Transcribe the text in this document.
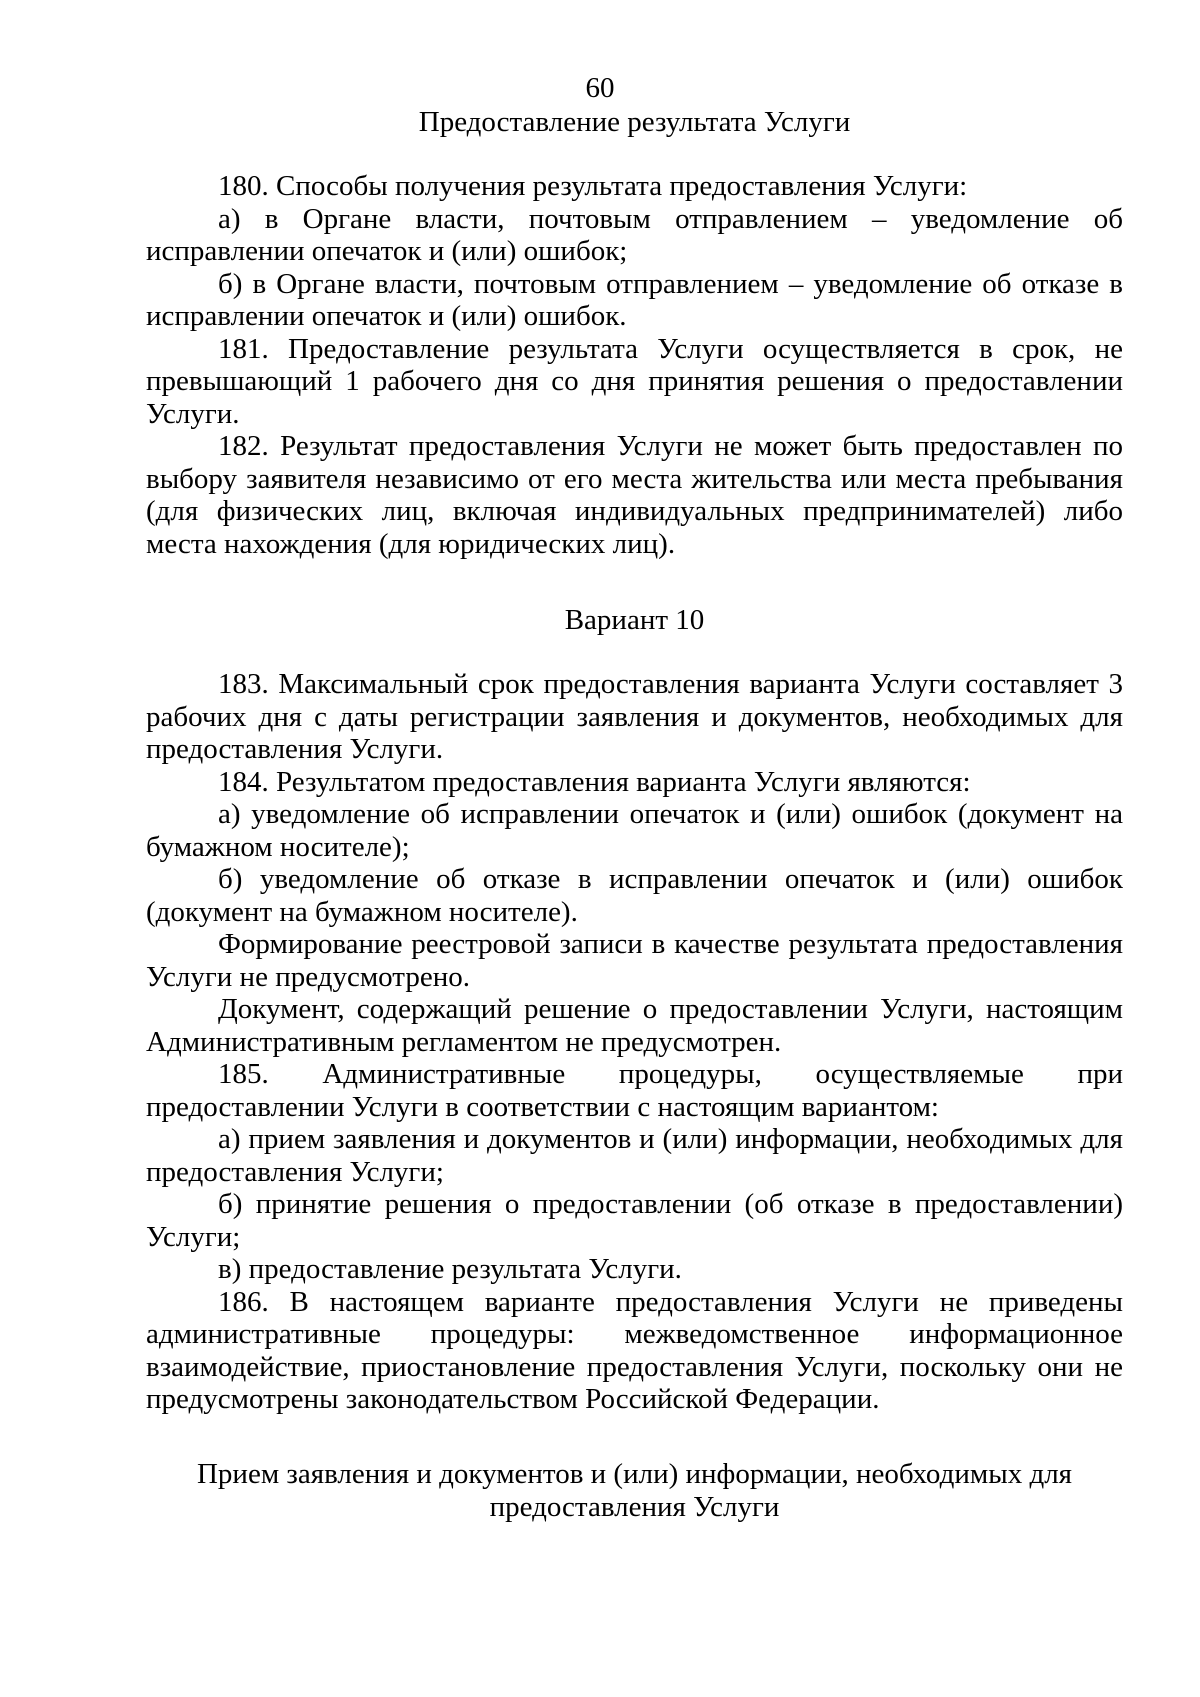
60
Предоставление результата Услуги

180. Способы получения результата предоставления Услуги:

а) в Органе власти, почтовым отправлением – уведомление об исправлении опечаток и (или) ошибок;

б) в Органе власти, почтовым отправлением – уведомление об отказе в исправлении опечаток и (или) ошибок.

181. Предоставление результата Услуги осуществляется в срок, не превышающий 1 рабочего дня со дня принятия решения о предоставлении Услуги.

182. Результат предоставления Услуги не может быть предоставлен по выбору заявителя независимо от его места жительства или места пребывания (для физических лиц, включая индивидуальных предпринимателей) либо места нахождения (для юридических лиц).

Вариант 10

183. Максимальный срок предоставления варианта Услуги составляет 3 рабочих дня с даты регистрации заявления и документов, необходимых для предоставления Услуги.

184. Результатом предоставления варианта Услуги являются:

а) уведомление об исправлении опечаток и (или) ошибок (документ на бумажном носителе);

б) уведомление об отказе в исправлении опечаток и (или) ошибок (документ на бумажном носителе).

Формирование реестровой записи в качестве результата предоставления Услуги не предусмотрено.

Документ, содержащий решение о предоставлении Услуги, настоящим Административным регламентом не предусмотрен.

185. Административные процедуры, осуществляемые при предоставлении Услуги в соответствии с настоящим вариантом:

а) прием заявления и документов и (или) информации, необходимых для предоставления Услуги;

б) принятие решения о предоставлении (об отказе в предоставлении) Услуги;

в) предоставление результата Услуги.

186. В настоящем варианте предоставления Услуги не приведены административные процедуры: межведомственное информационное взаимодействие, приостановление предоставления Услуги, поскольку они не предусмотрены законодательством Российской Федерации.

Прием заявления и документов и (или) информации, необходимых для
предоставления Услуги
